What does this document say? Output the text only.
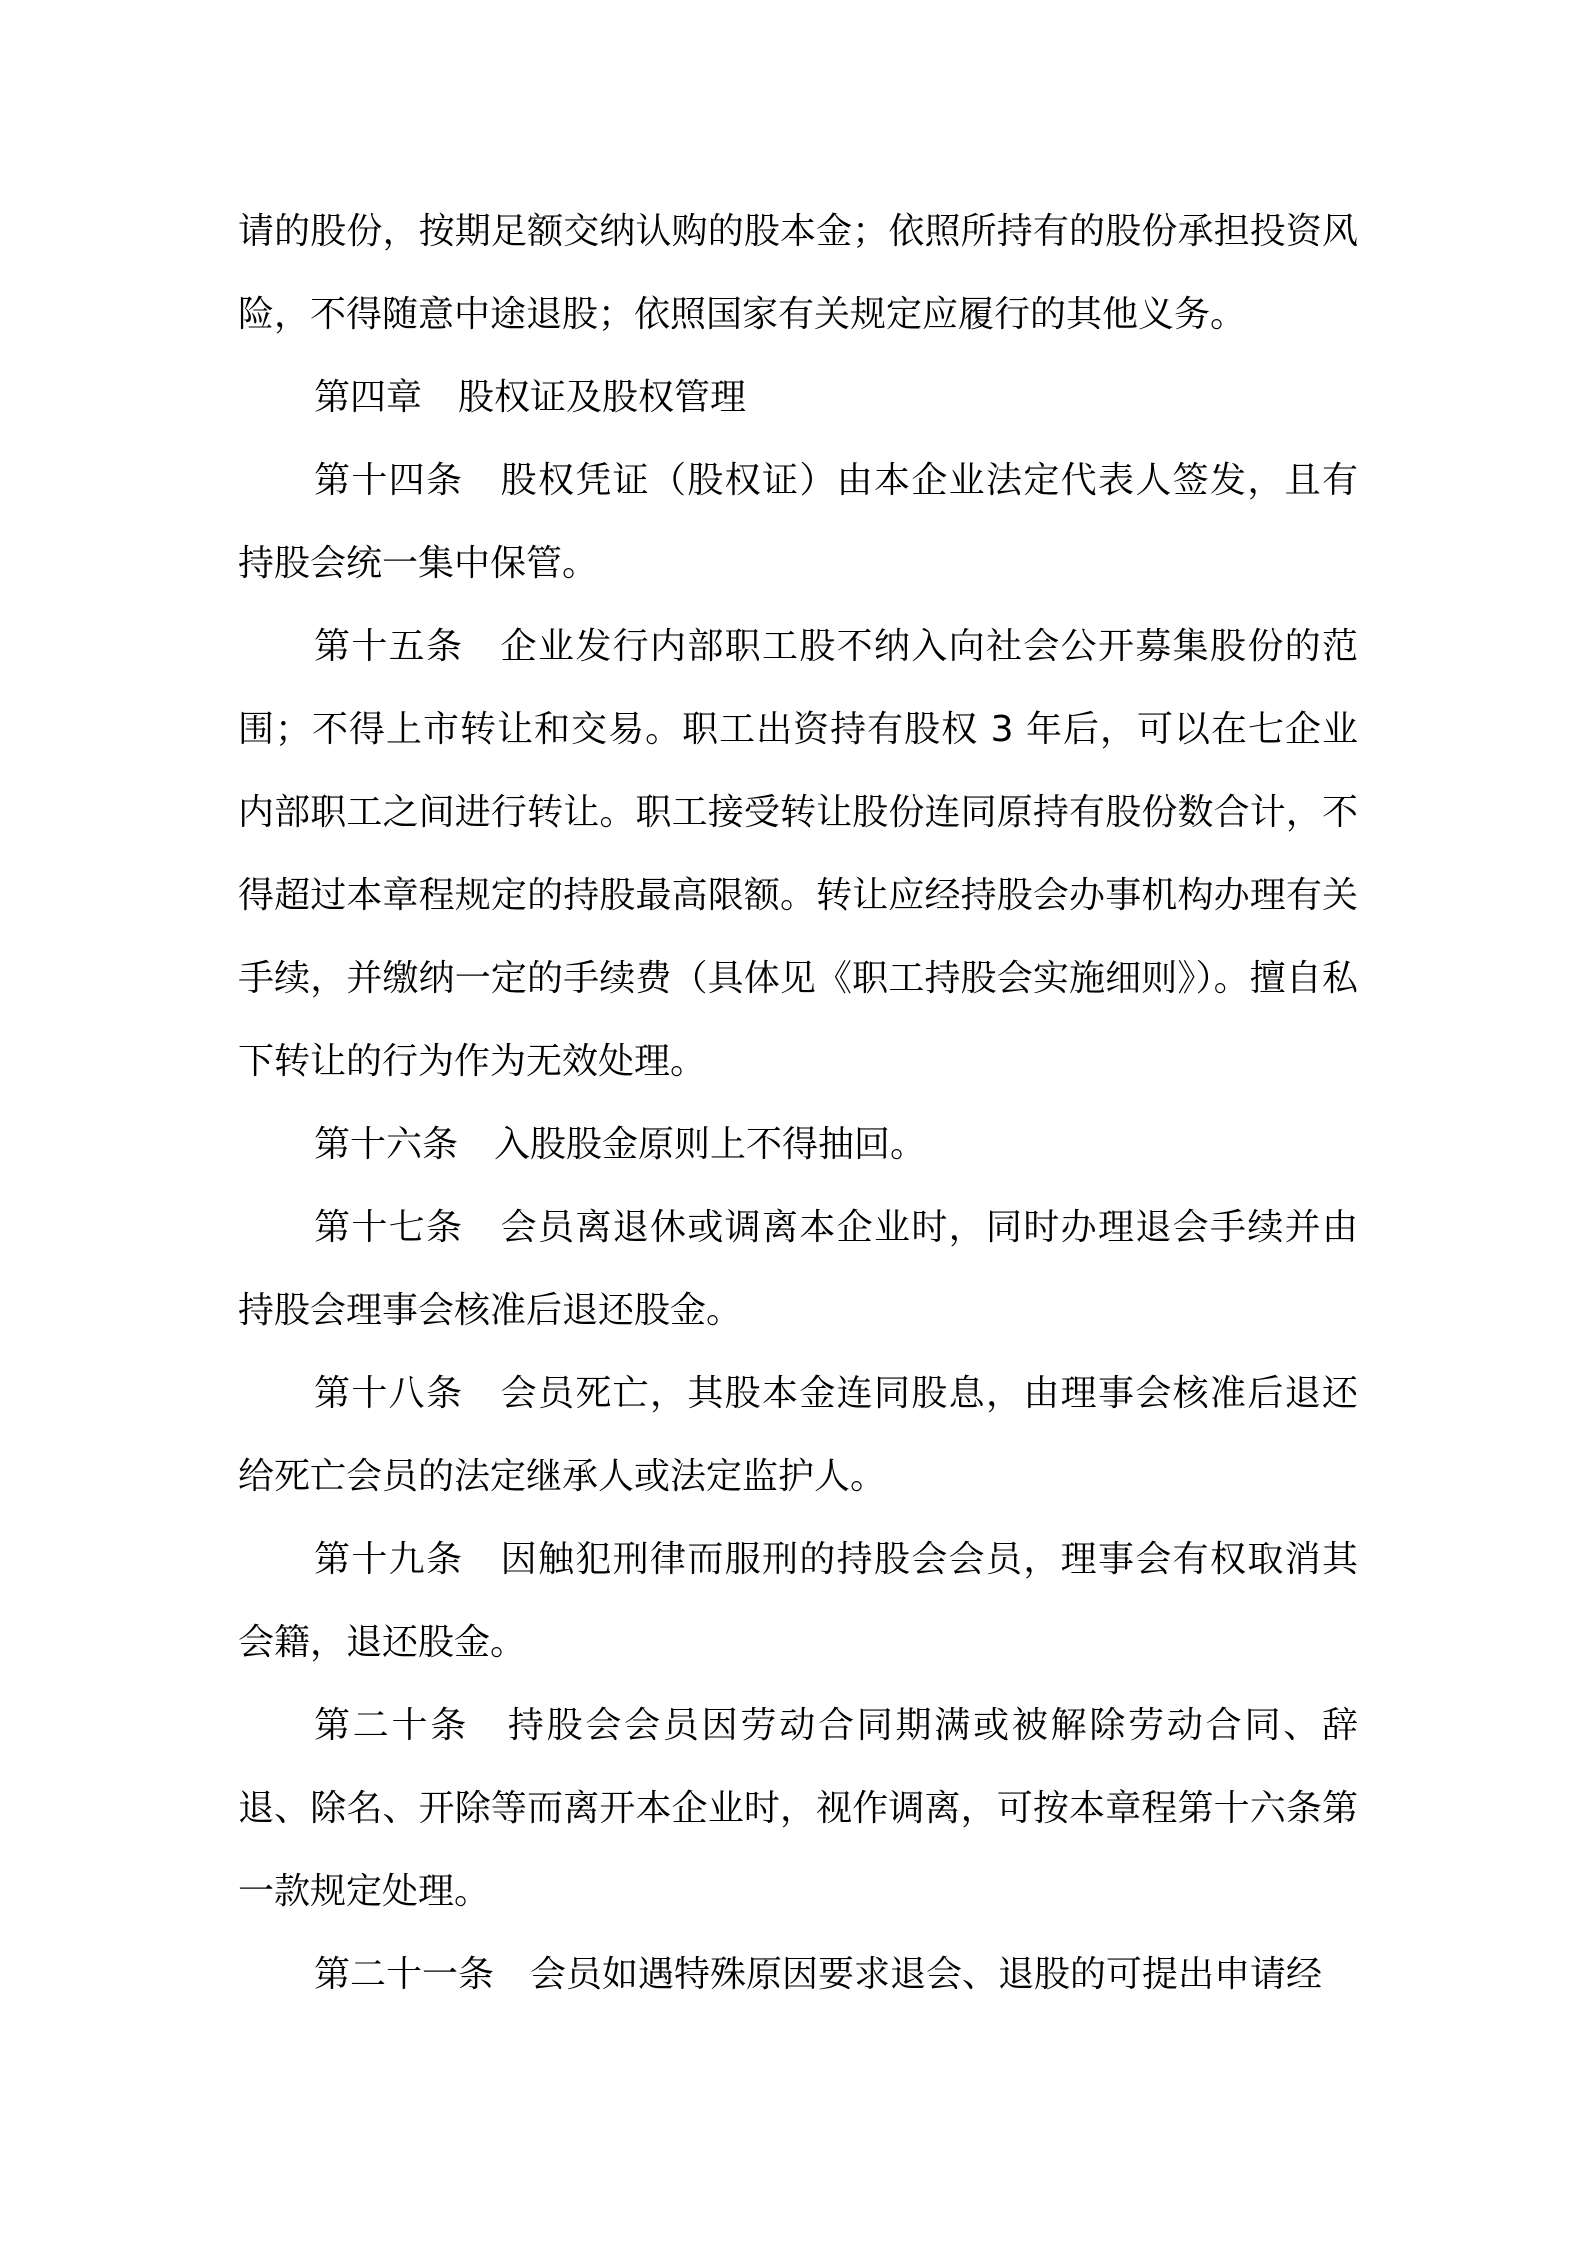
请的股份，按期足额交纳认购的股本金；依照所持有的股份承担投资风险，不得随意中途退股；依照国家有关规定应履行的其他义务。

第四章 股权证及股权管理

第十四条 股权凭证（股权证）由本企业法定代表人签发，且有持股会统一集中保管。

第十五条 企业发行内部职工股不纳入向社会公开募集股份的范围；不得上市转让和交易。职工出资持有股权 3 年后，可以在七企业内部职工之间进行转让。职工接受转让股份连同原持有股份数合计，不得超过本章程规定的持股最高限额。转让应经持股会办事机构办理有关手续，并缴纳一定的手续费（具体见《职工持股会实施细则》）。擅自私下转让的行为作为无效处理。

第十六条 入股股金原则上不得抽回。

第十七条 会员离退休或调离本企业时，同时办理退会手续并由持股会理事会核准后退还股金。

第十八条 会员死亡，其股本金连同股息，由理事会核准后退还给死亡会员的法定继承人或法定监护人。

第十九条 因触犯刑律而服刑的持股会会员，理事会有权取消其会籍，退还股金。

第二十条 持股会会员因劳动合同期满或被解除劳动合同、辞退、除名、开除等而离开本企业时，视作调离，可按本章程第十六条第一款规定处理。

第二十一条 会员如遇特殊原因要求退会、退股的可提出申请经
